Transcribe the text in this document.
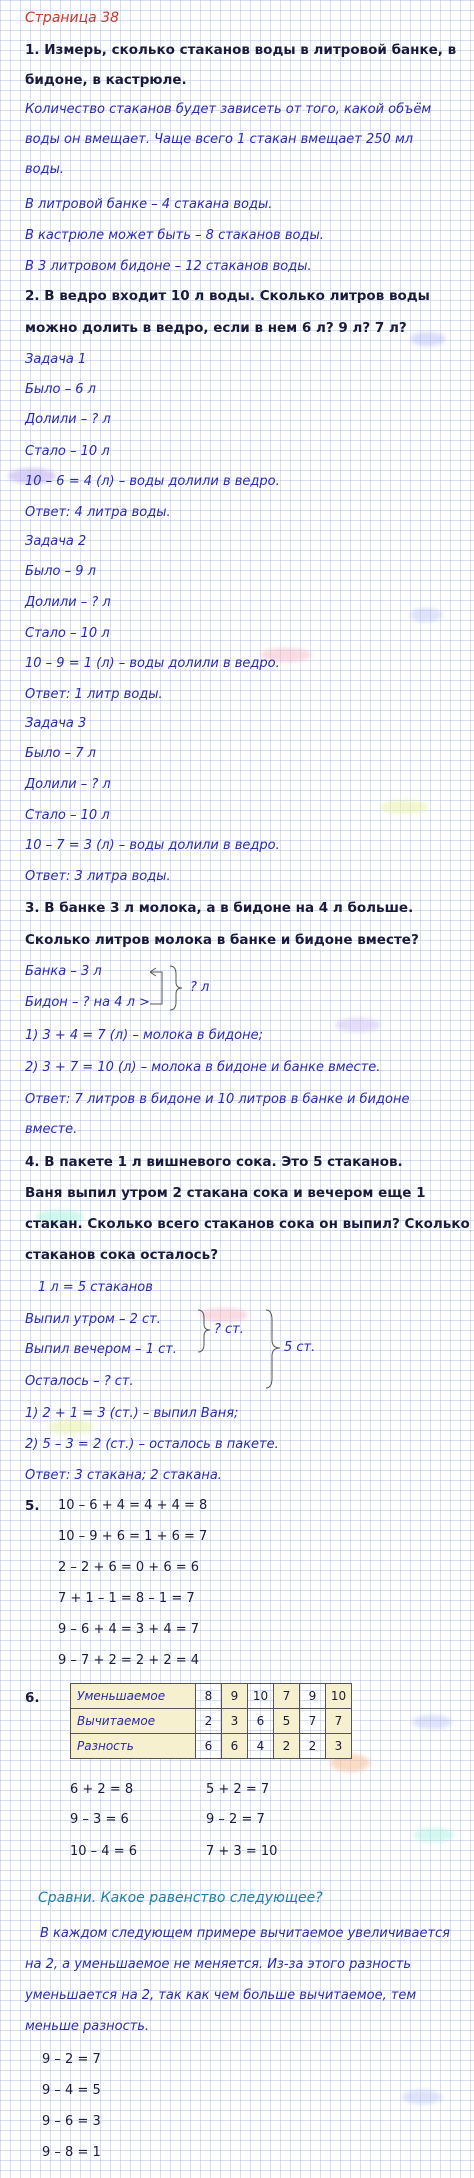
Страница 38
1. Измерь, сколько стаканов воды в литровой банке, в
бидоне, в кастрюле.
Количество стаканов будет зависеть от того, какой объём
воды он вмещает. Чаще всего 1 стакан вмещает 250 мл
воды.
В литровой банке – 4 стакана воды.
В кастрюле может быть – 8 стаканов воды.
В 3 литровом бидоне – 12 стаканов воды.
2. В ведро входит 10 л воды. Сколько литров воды
можно долить в ведро, если в нем 6 л? 9 л? 7 л?
Задача 1
Было – 6 л
Долили – ? л
Стало – 10 л
10 – 6 = 4 (л) – воды долили в ведро.
Ответ: 4 литра воды.
Задача 2
Было – 9 л
Долили – ? л
Стало – 10 л
10 – 9 = 1 (л) – воды долили в ведро.
Ответ: 1 литр воды.
Задача 3
Было – 7 л
Долили – ? л
Стало – 10 л
10 – 7 = 3 (л) – воды долили в ведро.
Ответ: 3 литра воды.
3. В банке 3 л молока, а в бидоне на 4 л больше.
Сколько литров молока в банке и бидоне вместе?
Банка – 3 л
Бидон – ? на 4 л >
? л
1) 3 + 4 = 7 (л) – молока в бидоне;
2) 3 + 7 = 10 (л) – молока в бидоне и банке вместе.
Ответ: 7 литров в бидоне и 10 литров в банке и бидоне
вместе.
4. В пакете 1 л вишневого сока. Это 5 стаканов.
Ваня выпил утром 2 стакана сока и вечером еще 1
стакан. Сколько всего стаканов сока он выпил? Сколько
стаканов сока осталось?
1 л = 5 стаканов
Выпил утром – 2 ст.
Выпил вечером – 1 ст.
Осталось – ? ст.
? ст.
5 ст.
1) 2 + 1 = 3 (ст.) – выпил Ваня;
2) 5 – 3 = 2 (ст.) – осталось в пакете.
Ответ: 3 стакана; 2 стакана.
5. 10 – 6 + 4 = 4 + 4 = 8
10 – 9 + 6 = 1 + 6 = 7
2 – 2 + 6 = 0 + 6 = 6
7 + 1 – 1 = 8 – 1 = 7
9 – 6 + 4 = 3 + 4 = 7
9 – 7 + 2 = 2 + 2 = 4
6.	Уменьшаемое	8	9	10	7	9	10
Вычитаемое	2	3	6	5	7	7
Разность	6	6	4	2	2	3
6 + 2 = 8
9 – 3 = 6
10 – 4 = 6
5 + 2 = 7
9 – 2 = 7
7 + 3 = 10
Сравни. Какое равенство следующее?
В каждом следующем примере вычитаемое увеличивается
на 2, а уменьшаемое не меняется. Из-за этого разность
уменьшается на 2, так как чем больше вычитаемое, тем
меньше разность.
9 – 2 = 7
9 – 4 = 5
9 – 6 = 3
9 – 8 = 1
